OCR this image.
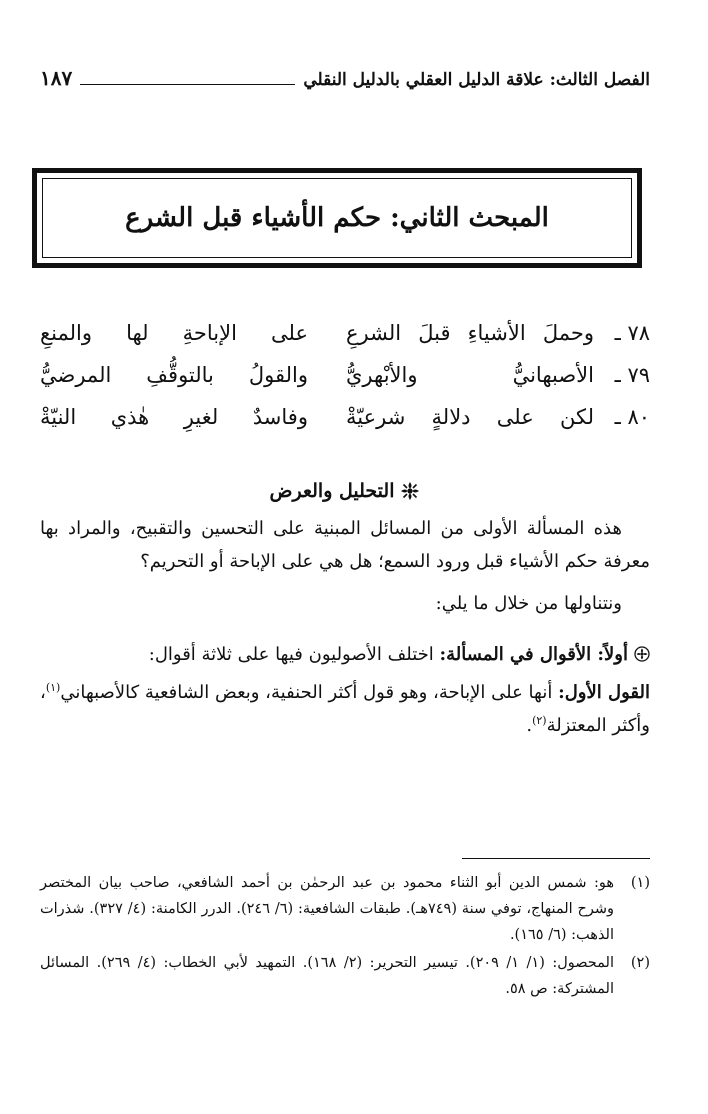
الفصل الثالث: علاقة الدليل العقلي بالدليل النقلي
١٨٧
المبحث الثاني: حكم الأشياء قبل الشرع
٧٨ ـ
وحملَ الأشياءِ قبلَ الشرعِ
على الإباحةِ لها والمنعِ
٧٩ ـ
الأصبهانيُّ والأبْهريُّ
والقولُ بالتوقُّفِ المرضيُّ
٨٠ ـ
لكن على دلالةٍ شرعيّةْ
وفاسدٌ لغيرِ هٰذي النيّةْ
التحليل والعرض

هذه المسألة الأولى من المسائل المبنية على التحسين والتقبيح، والمراد بها معرفة حكم الأشياء قبل ورود السمع؛ هل هي على الإباحة أو التحريم؟

ونتناولها من خلال ما يلي:

أولاً: الأقوال في المسألة: اختلف الأصوليون فيها على ثلاثة أقوال:

القول الأول: أنها على الإباحة، وهو قول أكثر الحنفية، وبعض الشافعية كالأصبهاني$^{(١)}$، وأكثر المعتزلة$^{(٢)}$.

(١)
هو: شمس الدين أبو الثناء محمود بن عبد الرحمٰن بن أحمد الشافعي، صاحب بيان المختصر وشرح المنهاج، توفي سنة (٧٤٩هـ). طبقات الشافعية: (٦/ ٢٤٦). الدرر الكامنة: (٤/ ٣٢٧). شذرات الذهب: (٦/ ١٦٥).
(٢)
المحصول: (١/ ١/ ٢٠٩). تيسير التحرير: (٢/ ١٦٨). التمهيد لأبي الخطاب: (٤/ ٢٦٩). المسائل المشتركة: ص ٥٨.
